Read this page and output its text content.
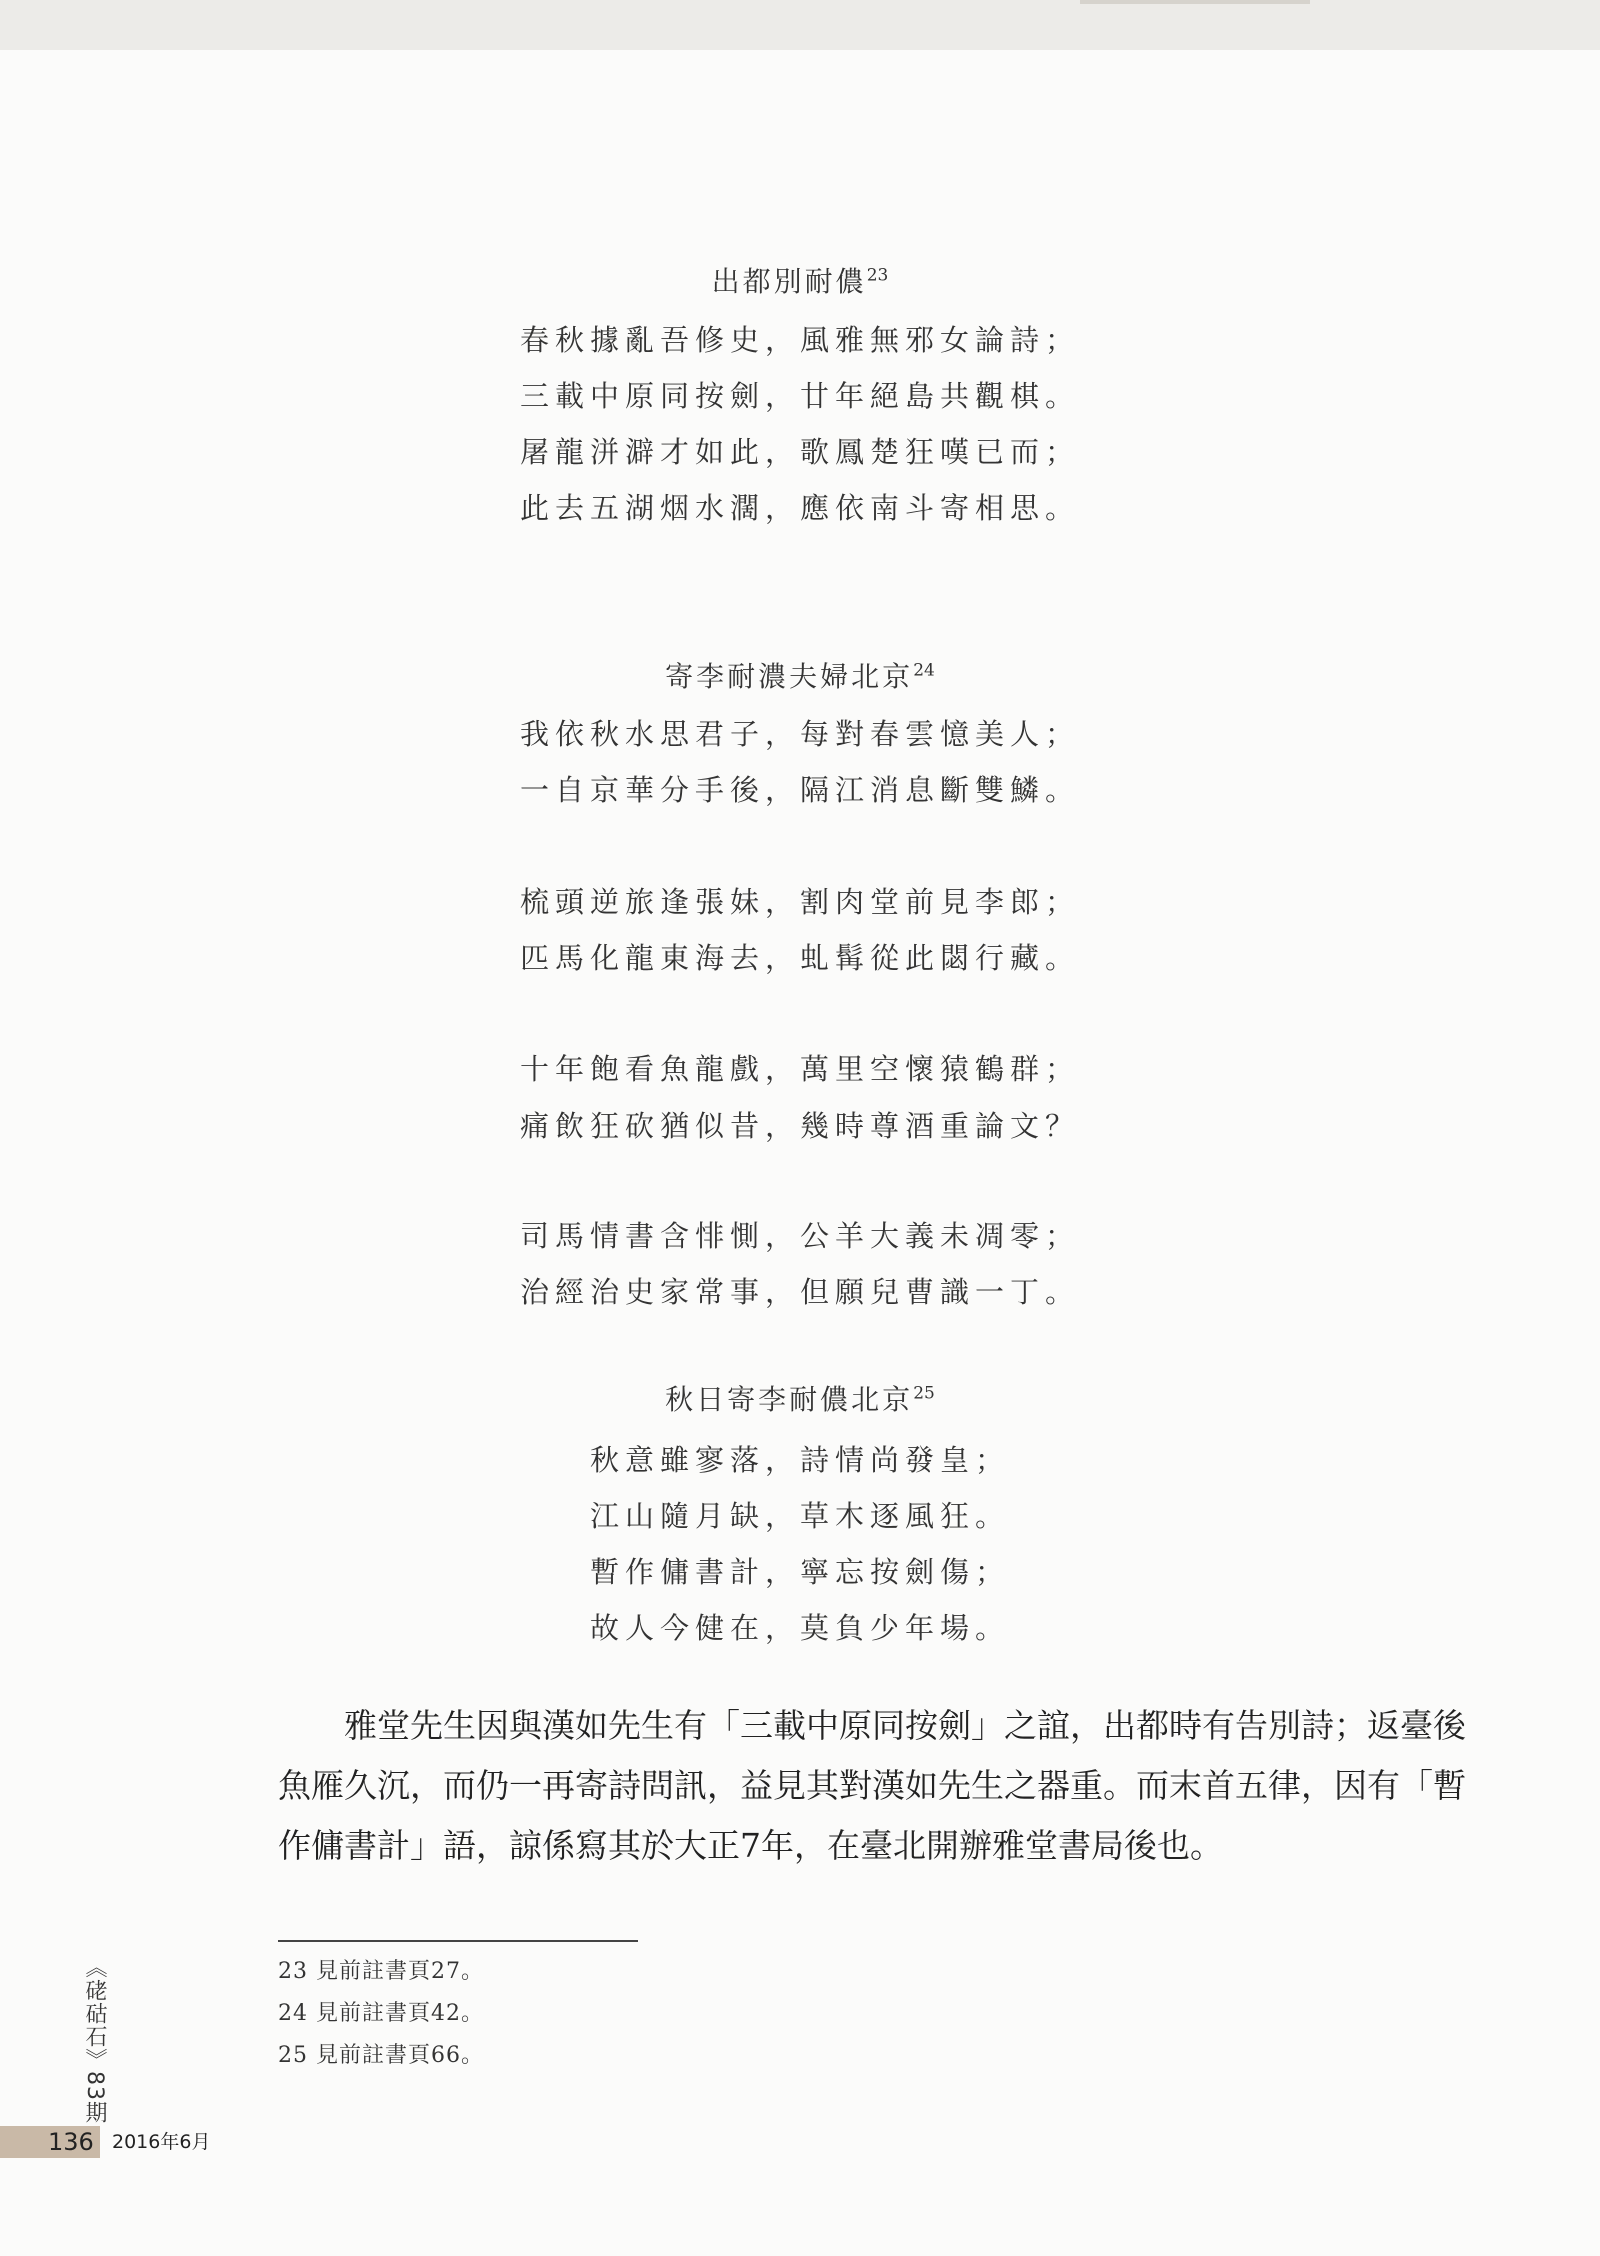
出都別耐儂$^{23}$
春秋據亂吾修史，風雅無邪女論詩；
三載中原同按劍，廿年絕島共觀棋。
屠龍洴澼才如此，歌鳳楚狂嘆已而；
此去五湖烟水濶，應依南斗寄相思。
寄李耐濃夫婦北京$^{24}$
我依秋水思君子，每對春雲憶美人；
一自京華分手後，隔江消息斷雙鱗。
梳頭逆旅逢張妹，割肉堂前見李郎；
匹馬化龍東海去，虬髯從此閟行藏。
十年飽看魚龍戲，萬里空懷猿鶴群；
痛飲狂砍猶似昔，幾時尊酒重論文？
司馬情書含悱惻，公羊大義未凋零；
治經治史家常事，但願兒曹識一丁。
秋日寄李耐儂北京$^{25}$
秋意雖寥落，詩情尚發皇；
江山隨月缺，草木逐風狂。
暫作傭書計，寧忘按劍傷；
故人今健在，莫負少年場。

雅堂先生因與漢如先生有「三載中原同按劍」之誼，出都時有告別詩；返臺後魚雁久沉，而仍一再寄詩問訊，益見其對漢如先生之器重。而末首五律，因有「暫作傭書計」語，諒係寫其於大正7年，在臺北開辦雅堂書局後也。

23 見前註書頁27。
24 見前註書頁42。
25 見前註書頁66。
《硓𥑮石》83期
136 2016年6月
